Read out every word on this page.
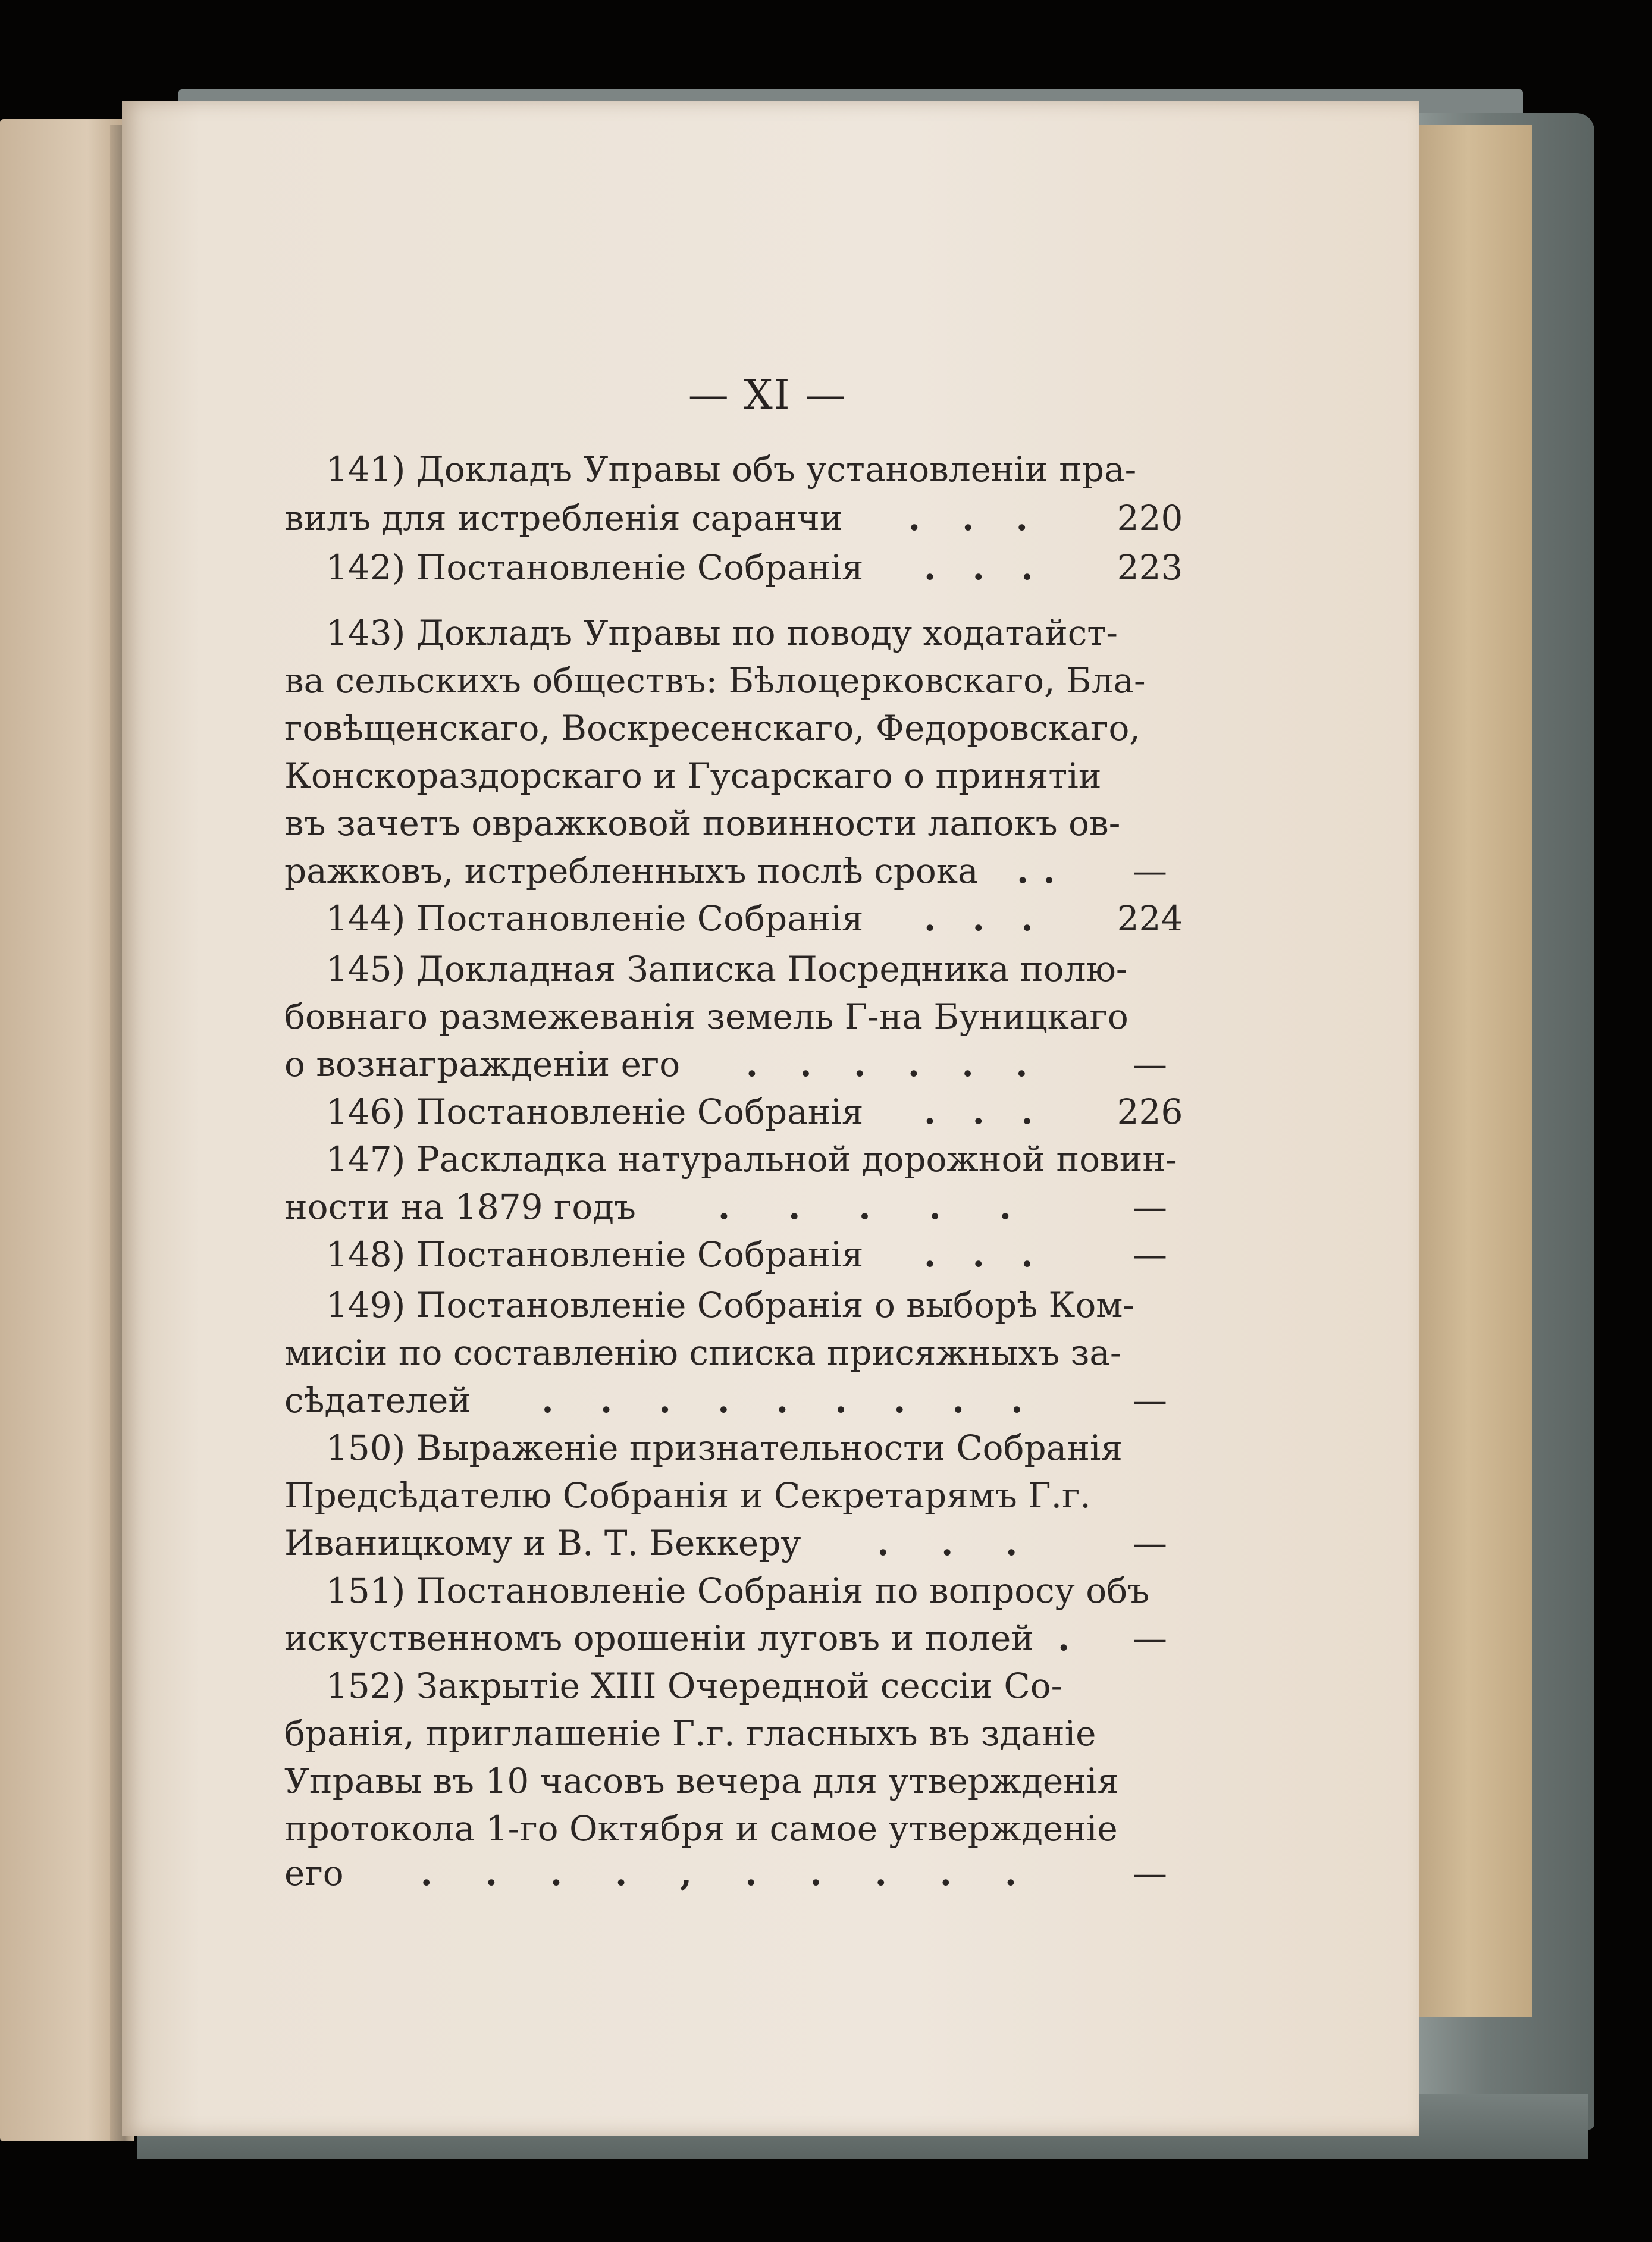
— XI —
141) Докладъ Управы объ установленіи пра-
220
вилъ для истребленія саранчи . . .
223
142) Постановленіе Собранія . . .
143) Докладъ Управы по поводу ходатайст-
ва сельскихъ обществъ: Бѣлоцерковскаго, Бла-
говѣщенскаго, Воскресенскаго, Федоровскаго,
Конскораздорскаго и Гусарскаго о принятіи
въ зачетъ овражковой повинности лапокъ ов-
—
ражковъ, истребленныхъ послѣ срока . .
224
144) Постановленіе Собранія . . .
145) Докладная Записка Посредника полю-
бовнаго размежеванія земель Г-на Буницкаго
—
о вознагражденіи его . . . . . .
226
146) Постановленіе Собранія . . .
147) Раскладка натуральной дорожной повин-
—
ности на 1879 годъ . . . . .
—
148) Постановленіе Собранія . . .
149) Постановленіе Собранія о выборѣ Ком-
мисіи по составленію списка присяжныхъ за-
—
сѣдателей . . . . . . . . .
150) Выраженіе признательности Собранія
Предсѣдателю Собранія и Секретарямъ Г.г.
—
Иваницкому и В. Т. Беккеру . . .
151) Постановленіе Собранія по вопросу объ
—
искуственномъ орошеніи луговъ и полей .
152) Закрытіе XIII Очередной сессіи Со-
бранія, приглашеніе Г.г. гласныхъ въ зданіе
Управы въ 10 часовъ вечера для утвержденія
протокола 1-го Октября и самое утвержденіе
—
его . . . . , . . . . .
